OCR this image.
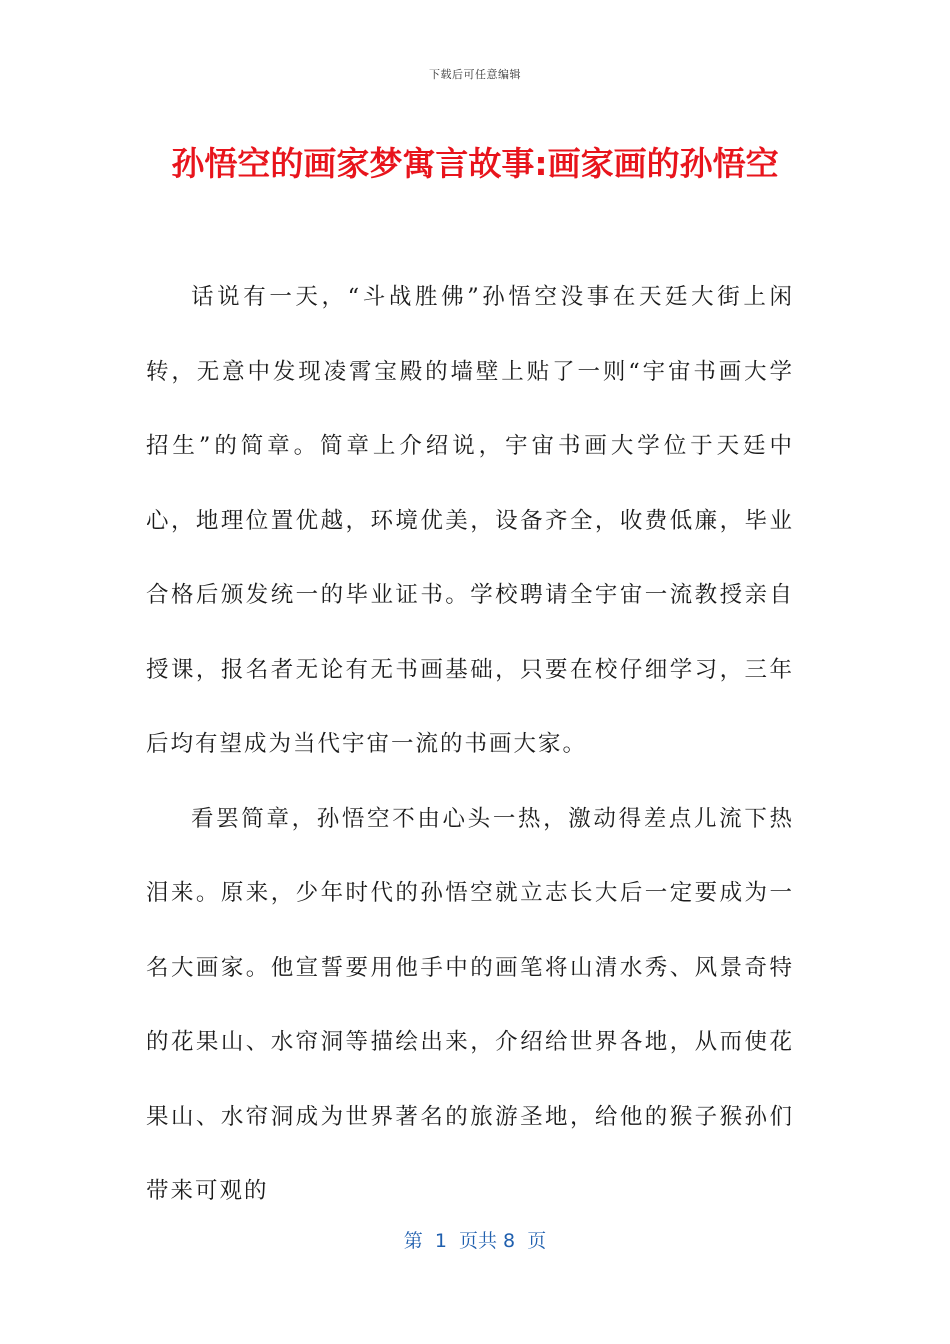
下载后可任意编辑
孙悟空的画家梦寓言故事:画家画的孙悟空

话说有一天，“斗战胜佛”孙悟空没事在天廷大街上闲转，无意中发现凌霄宝殿的墙壁上贴了一则“宇宙书画大学招生”的简章。简章上介绍说，宇宙书画大学位于天廷中心，地理位置优越，环境优美，设备齐全，收费低廉，毕业合格后颁发统一的毕业证书。学校聘请全宇宙一流教授亲自授课，报名者无论有无书画基础，只要在校仔细学习，三年后均有望成为当代宇宙一流的书画大家。

看罢简章，孙悟空不由心头一热，激动得差点儿流下热泪来。原来，少年时代的孙悟空就立志长大后一定要成为一名大画家。他宣誓要用他手中的画笔将山清水秀、风景奇特的花果山、水帘洞等描绘出来，介绍给世界各地，从而使花果山、水帘洞成为世界著名的旅游圣地，给他的猴子猴孙们带来可观的

第  1  页共 8  页
